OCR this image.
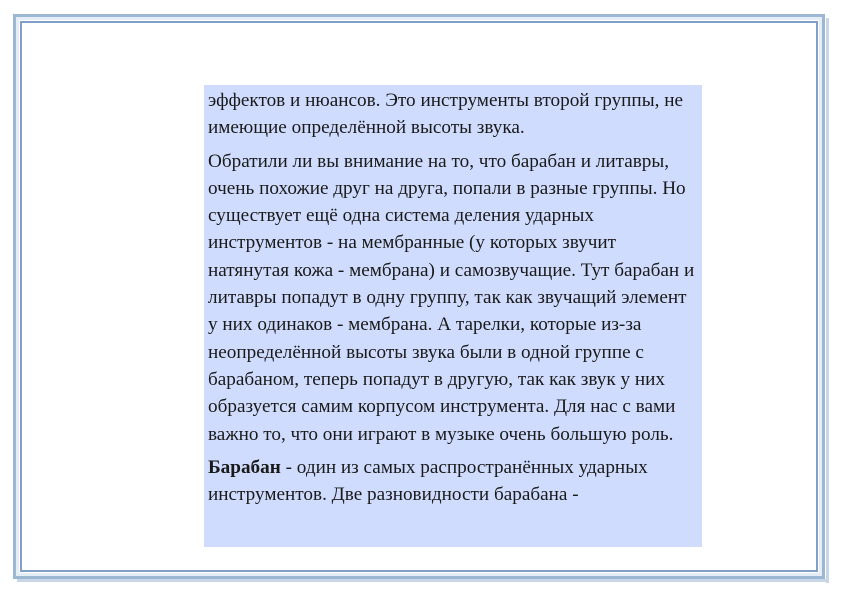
эффектов и нюансов. Это инструменты второй группы, не имеющие определённой высоты звука.

Обратили ли вы внимание на то, что барабан и литавры, очень похожие друг на друга, попали в разные группы. Но существует ещё одна система деления ударных инструментов - на мембранные (у которых звучит натянутая кожа - мембрана) и самозвучащие. Тут барабан и литавры попадут в одну группу, так как звучащий элемент у них одинаков - мембрана. А тарелки, которые из-за неопределённой высоты звука были в одной группе с барабаном, теперь попадут в другую, так как звук у них образуется самим корпусом инструмента. Для нас с вами важно то, что они играют в музыке очень большую роль.

Барабан - один из самых распространённых ударных инструментов. Две разновидности барабана -
